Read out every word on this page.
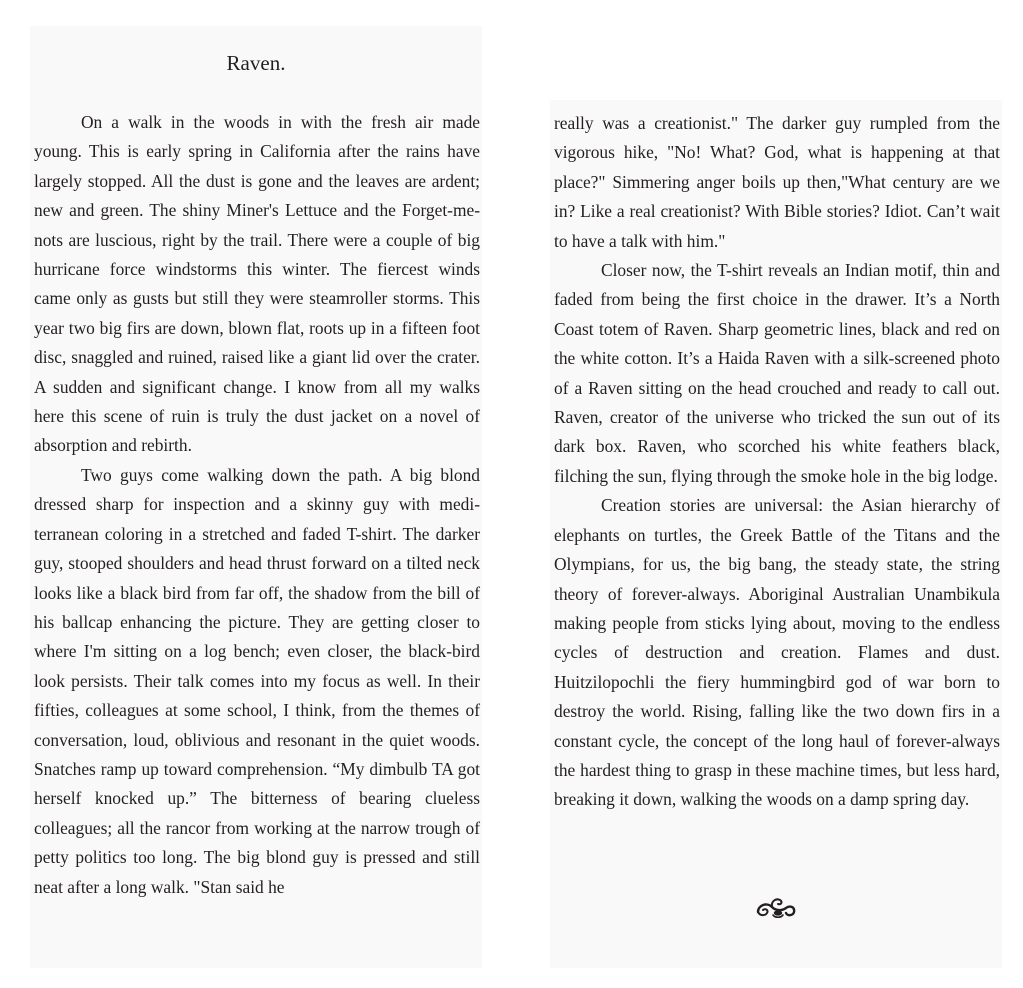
Raven.

On a walk in the woods in with the fresh air made young. This is early spring in California after the rains have largely stopped. All the dust is gone and the leaves are ardent; new and green. The shiny Miner's Lettuce and the Forget-me-nots are luscious, right by the trail. There were a couple of big hurricane force windstorms this winter. The fiercest winds came only as gusts but still they were steamroller storms. This year two big firs are down, blown flat, roots up in a fifteen foot disc, snaggled and ruined, raised like a giant lid over the crater. A sudden and significant change. I know from all my walks here this scene of ruin is truly the dust jacket on a novel of absorption and rebirth.

Two guys come walking down the path. A big blond dressed sharp for inspection and a skinny guy with mediterranean coloring in a stretched and faded T-shirt. The darker guy, stooped shoulders and head thrust forward on a tilted neck looks like a black bird from far off, the shadow from the bill of his ballcap enhancing the picture. They are getting closer to where I'm sitting on a log bench; even closer, the black-bird look persists. Their talk comes into my focus as well. In their fifties, colleagues at some school, I think, from the themes of conversation, loud, oblivious and resonant in the quiet woods. Snatches ramp up toward comprehension. “My dimbulb TA got herself knocked up.” The bitterness of bearing clueless colleagues; all the rancor from working at the narrow trough of petty politics too long. The big blond guy is pressed and still neat after a long walk. "Stan said he

really was a creationist." The darker guy rumpled from the vigorous hike, "No! What? God, what is happening at that place?" Simmering anger boils up then,"What century are we in? Like a real creationist? With Bible stories? Idiot. Can’t wait to have a talk with him."

Closer now, the T-shirt reveals an Indian motif, thin and faded from being the first choice in the drawer. It’s a North Coast totem of Raven. Sharp geometric lines, black and red on the white cotton. It’s a Haida Raven with a silk-screened photo of a Raven sitting on the head crouched and ready to call out. Raven, creator of the universe who tricked the sun out of its dark box. Raven, who scorched his white feathers black, filching the sun, flying through the smoke hole in the big lodge.

Creation stories are universal: the Asian hierarchy of elephants on turtles, the Greek Battle of the Titans and the Olympians, for us, the big bang, the steady state, the string theory of forever-always. Aboriginal Australian Unambikula making people from sticks lying about, moving to the endless cycles of destruction and creation. Flames and dust. Huitzilopochli the fiery hummingbird god of war born to destroy the world. Rising, falling like the two down firs in a constant cycle, the concept of the long haul of forever-always the hardest thing to grasp in these machine times, but less hard, breaking it down, walking the woods on a damp spring day.
